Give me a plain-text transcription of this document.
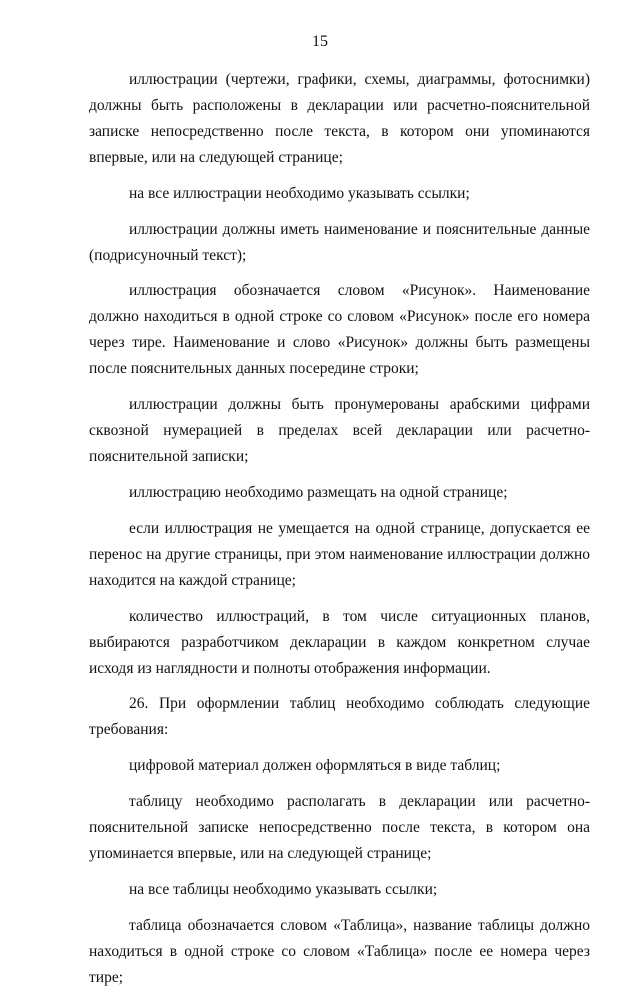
15

иллюстрации (чертежи, графики, схемы, диаграммы, фотоснимки) должны быть расположены в декларации или расчетно-пояснительной записке непосредственно после текста, в котором они упоминаются впервые, или на следующей странице;

на все иллюстрации необходимо указывать ссылки;

иллюстрации должны иметь наименование и пояснительные данные (подрисуночный текст);

иллюстрация обозначается словом «Рисунок». Наименование должно находиться в одной строке со словом «Рисунок» после его номера через тире. Наименование и слово «Рисунок» должны быть размещены после пояснительных данных посередине строки;

иллюстрации должны быть пронумерованы арабскими цифрами сквозной нумерацией в пределах всей декларации или расчетно-пояснительной записки;

иллюстрацию необходимо размещать на одной странице;

если иллюстрация не умещается на одной странице, допускается ее перенос на другие страницы, при этом наименование иллюстрации должно находится на каждой странице;

количество иллюстраций, в том числе ситуационных планов, выбираются разработчиком декларации в каждом конкретном случае исходя из наглядности и полноты отображения информации.

26. При оформлении таблиц необходимо соблюдать следующие требования:

цифровой материал должен оформляться в виде таблиц;

таблицу необходимо располагать в декларации или расчетно-пояснительной записке непосредственно после текста, в котором она упоминается впервые, или на следующей странице;

на все таблицы необходимо указывать ссылки;

таблица обозначается словом «Таблица», название таблицы должно находиться в одной строке со словом «Таблица» после ее номера через тире;
